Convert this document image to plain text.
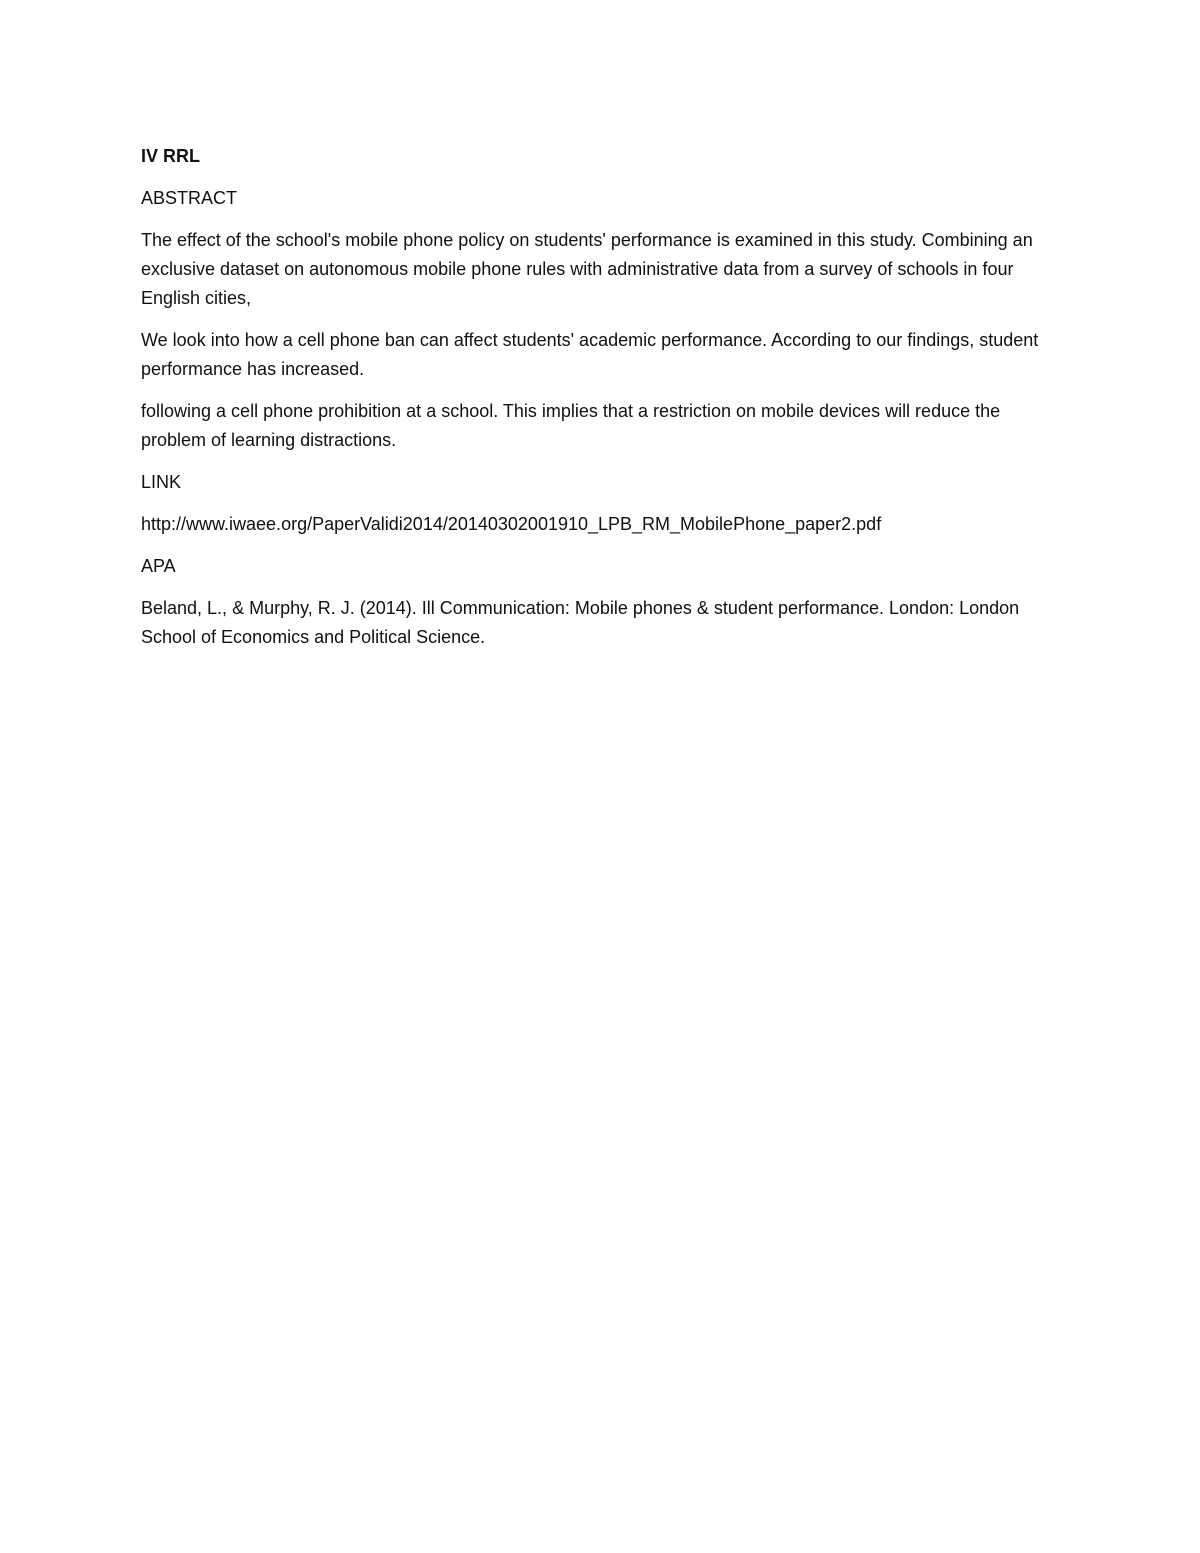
IV RRL

ABSTRACT

The effect of the school's mobile phone policy on students' performance is examined in this study. Combining an exclusive dataset on autonomous mobile phone rules with administrative data from a survey of schools in four English cities,

We look into how a cell phone ban can affect students' academic performance. According to our findings, student performance has increased.

following a cell phone prohibition at a school. This implies that a restriction on mobile devices will reduce the problem of learning distractions.

LINK

http://www.iwaee.org/PaperValidi2014/20140302001910_LPB_RM_MobilePhone_paper2.pdf

APA

Beland, L., & Murphy, R. J. (2014). Ill Communication: Mobile phones & student performance. London: London School of Economics and Political Science.
